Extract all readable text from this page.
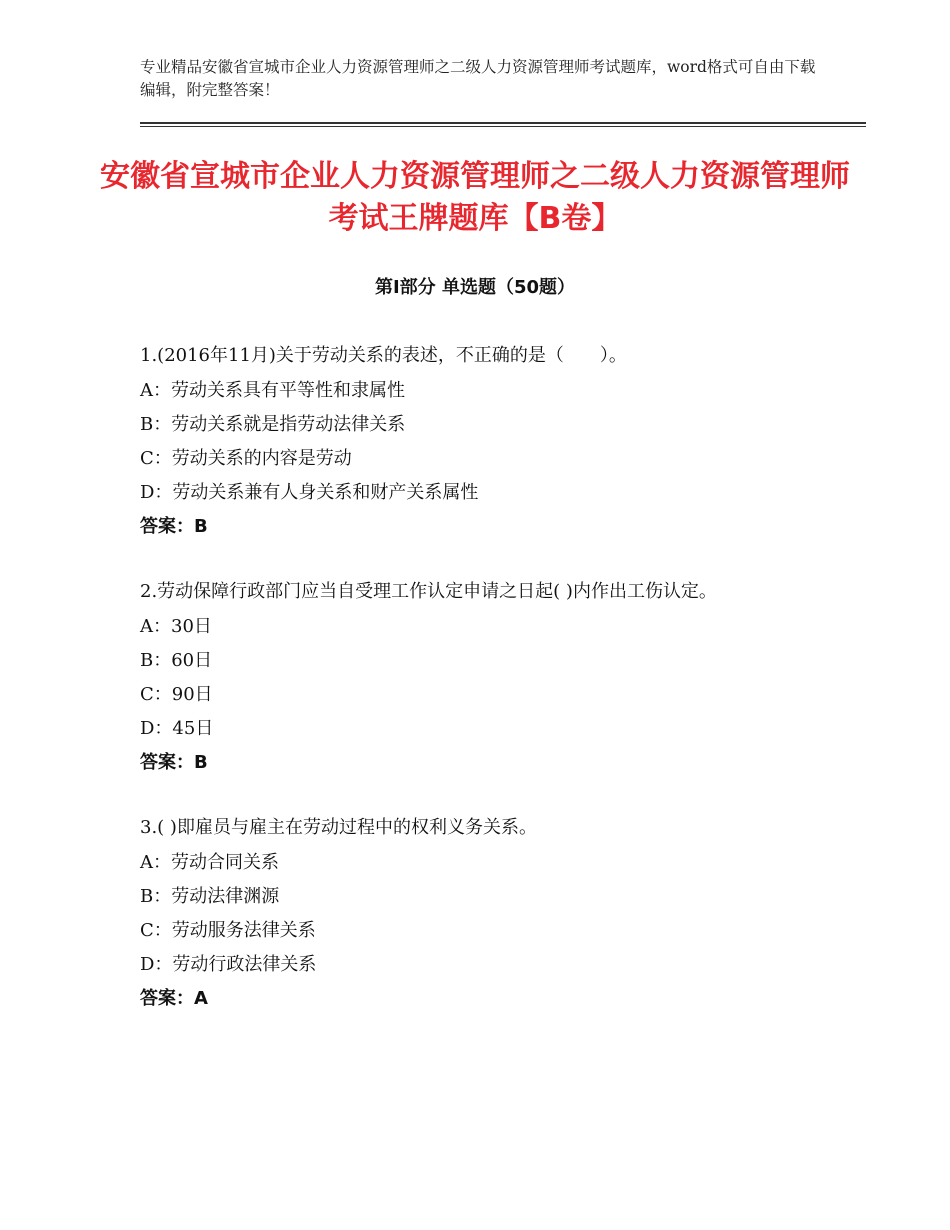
专业精品安徽省宣城市企业人力资源管理师之二级人力资源管理师考试题库，word格式可自由下载编辑，附完整答案！
安徽省宣城市企业人力资源管理师之二级人力资源管理师考试王牌题库【B卷】
第Ⅰ部分 单选题（50题）

1.(2016年11月)关于劳动关系的表述，不正确的是（　　）。

A：劳动关系具有平等性和隶属性

B：劳动关系就是指劳动法律关系

C：劳动关系的内容是劳动

D：劳动关系兼有人身关系和财产关系属性

答案：B

2.劳动保障行政部门应当自受理工作认定申请之日起( )内作出工伤认定。

A：30日

B：60日

C：90日

D：45日

答案：B

3.( )即雇员与雇主在劳动过程中的权利义务关系。

A：劳动合同关系

B：劳动法律渊源

C：劳动服务法律关系

D：劳动行政法律关系

答案：A
